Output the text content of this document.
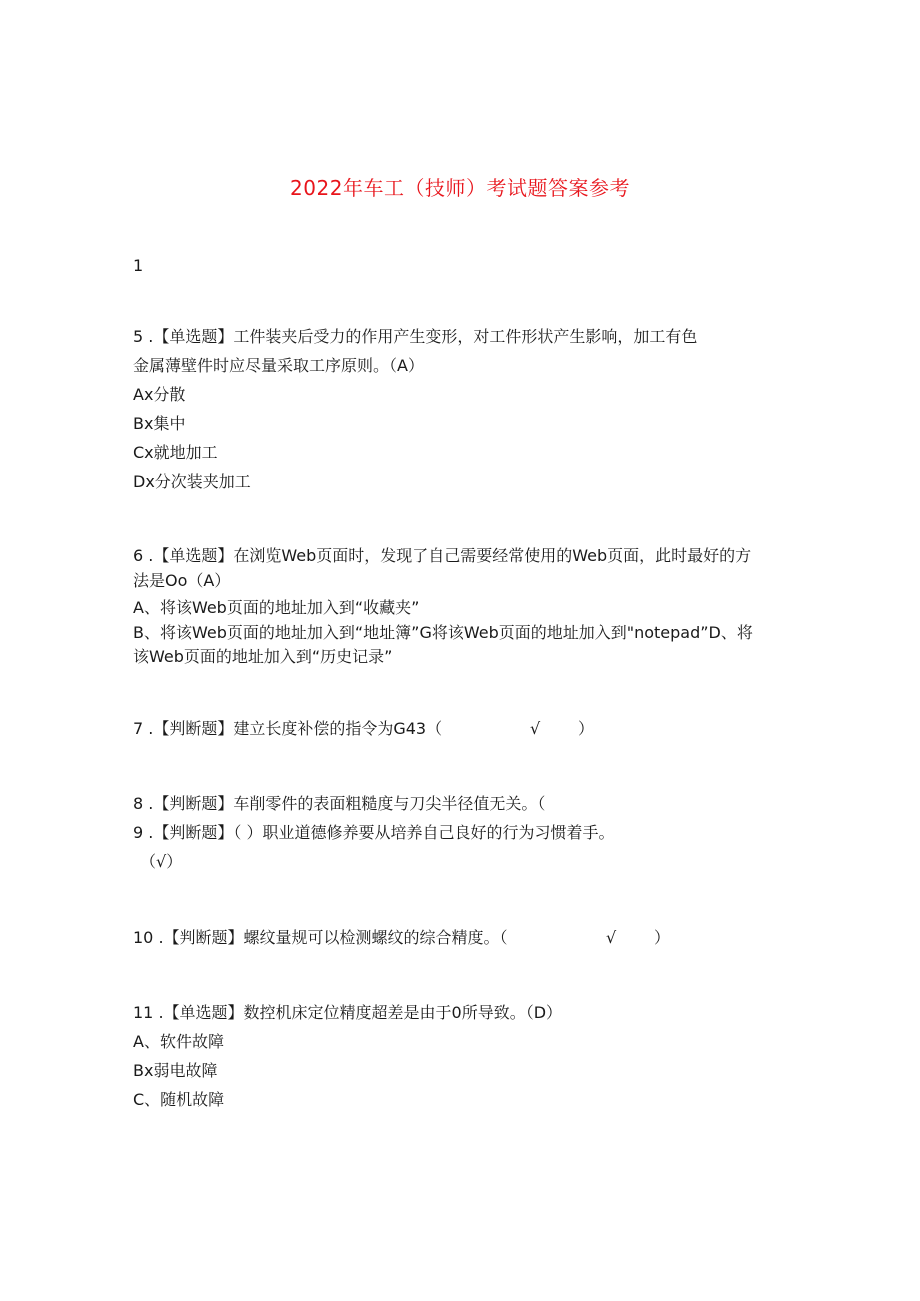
2022年车工（技师）考试题答案参考
1
5 .【单选题】工件装夹后受力的作用产生变形，对工件形状产生影响，加工有色
金属薄壁件时应尽量采取工序原则。（A）
Ax分散
Bx集中
Cx就地加工
Dx分次装夹加工
6 .【单选题】在浏览Web页面时，发现了自己需要经常使用的Web页面，此时最好的方
法是Oo（A）
A、将该Web页面的地址加入到“收藏夹”
B、将该Web页面的地址加入到“地址簿”G将该Web页面的地址加入到"notepad”D、将
该Web页面的地址加入到“历史记录”
7 .【判断题】建立长度补偿的指令为G43（	√ ）
8 .【判断题】车削零件的表面粗糙度与刀尖半径值无关。（
9 .【判断题】（ ）职业道德修养要从培养自己良好的行为习惯着手。
（√）
10 .【判断题】螺纹量规可以检测螺纹的综合精度。（	√ ）
11 .【单选题】数控机床定位精度超差是由于0所导致。（D）
A、软件故障
Bx弱电故障
C、随机故障
